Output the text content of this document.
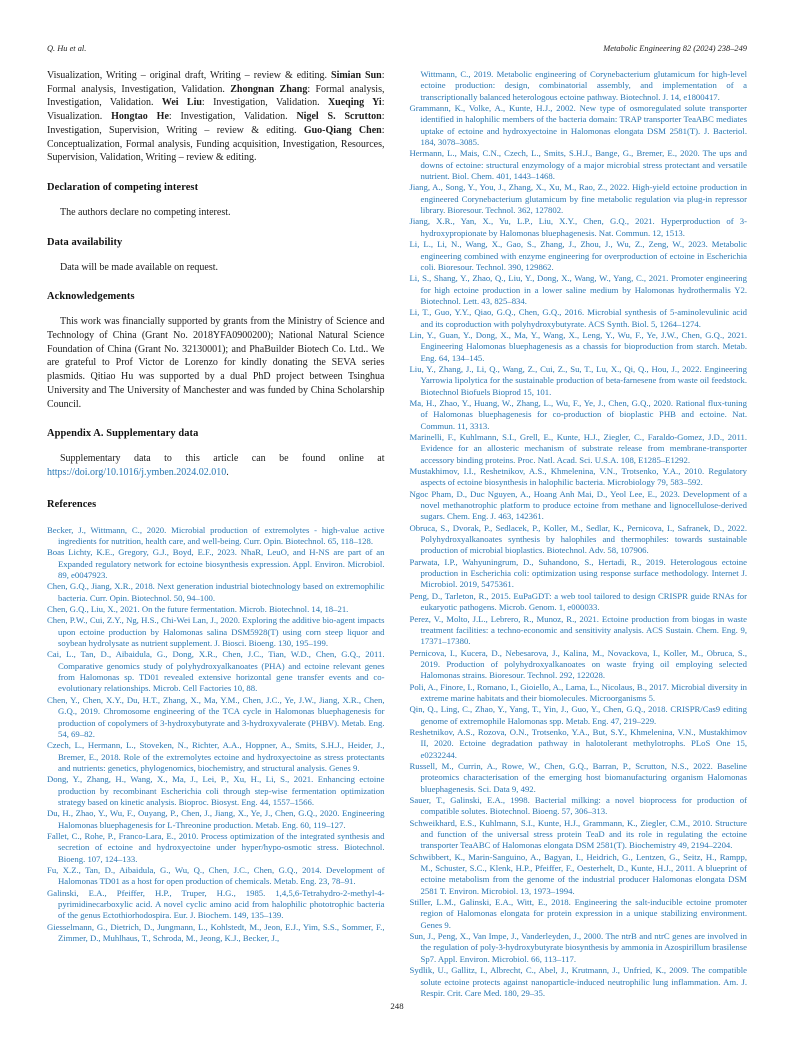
Q. Hu et al.	Metabolic Engineering 82 (2024) 238–249

Visualization, Writing – original draft, Writing – review & editing. Simian Sun: Formal analysis, Investigation, Validation. Zhongnan Zhang: Formal analysis, Investigation, Validation. Wei Liu: Investigation, Validation. Xueqing Yi: Visualization. Hongtao He: Investigation, Validation. Nigel S. Scrutton: Investigation, Supervision, Writing – review & editing. Guo-Qiang Chen: Conceptualization, Formal analysis, Funding acquisition, Investigation, Resources, Supervision, Validation, Writing – review & editing.

Declaration of competing interest

The authors declare no competing interest.

Data availability

Data will be made available on request.

Acknowledgements

This work was financially supported by grants from the Ministry of Science and Technology of China (Grant No. 2018YFA0900200); National Natural Science Foundation of China (Grant No. 32130001); and PhaBuilder Biotech Co. Ltd.. We are grateful to Prof Victor de Lorenzo for kindly donating the SEVA series plasmids. Qitiao Hu was supported by a dual PhD project between Tsinghua University and The University of Manchester and was funded by China Scholarship Council.

Appendix A. Supplementary data

Supplementary data to this article can be found online at https://doi.org/10.1016/j.ymben.2024.02.010.

References

Becker, J., Wittmann, C., 2020. Microbial production of extremolytes - high-value active ingredients for nutrition, health care, and well-being. Curr. Opin. Biotechnol. 65, 118–128.

Boas Lichty, K.E., Gregory, G.J., Boyd, E.F., 2023. NhaR, LeuO, and H-NS are part of an Expanded regulatory network for ectoine biosynthesis expression. Appl. Environ. Microbiol. 89, e0047923.

Chen, G.Q., Jiang, X.R., 2018. Next generation industrial biotechnology based on extremophilic bacteria. Curr. Opin. Biotechnol. 50, 94–100.

Chen, G.Q., Liu, X., 2021. On the future fermentation. Microb. Biotechnol. 14, 18–21.

Chen, P.W., Cui, Z.Y., Ng, H.S., Chi-Wei Lan, J., 2020. Exploring the additive bio-agent impacts upon ectoine production by Halomonas salina DSM5928(T) using corn steep liquor and soybean hydrolysate as nutrient supplement. J. Biosci. Bioeng. 130, 195–199.

Cai, L., Tan, D., Aibaidula, G., Dong, X.R., Chen, J.C., Tian, W.D., Chen, G.Q., 2011. Comparative genomics study of polyhydroxyalkanoates (PHA) and ectoine relevant genes from Halomonas sp. TD01 revealed extensive horizontal gene transfer events and co-evolutionary relationships. Microb. Cell Factories 10, 88.

Chen, Y., Chen, X.Y., Du, H.T., Zhang, X., Ma, Y.M., Chen, J.C., Ye, J.W., Jiang, X.R., Chen, G.Q., 2019. Chromosome engineering of the TCA cycle in Halomonas bluephagenesis for production of copolymers of 3-hydroxybutyrate and 3-hydroxyvalerate (PHBV). Metab. Eng. 54, 69–82.

Czech, L., Hermann, L., Stoveken, N., Richter, A.A., Hoppner, A., Smits, S.H.J., Heider, J., Bremer, E., 2018. Role of the extremolytes ectoine and hydroxyectoine as stress protectants and nutrients: genetics, phylogenomics, biochemistry, and structural analysis. Genes 9.

Dong, Y., Zhang, H., Wang, X., Ma, J., Lei, P., Xu, H., Li, S., 2021. Enhancing ectoine production by recombinant Escherichia coli through step-wise fermentation optimization strategy based on kinetic analysis. Bioproc. Biosyst. Eng. 44, 1557–1566.

Du, H., Zhao, Y., Wu, F., Ouyang, P., Chen, J., Jiang, X., Ye, J., Chen, G.Q., 2020. Engineering Halomonas bluephagenesis for L-Threonine production. Metab. Eng. 60, 119–127.

Fallet, C., Rohe, P., Franco-Lara, E., 2010. Process optimization of the integrated synthesis and secretion of ectoine and hydroxyectoine under hyper/hypo-osmotic stress. Biotechnol. Bioeng. 107, 124–133.

Fu, X.Z., Tan, D., Aibaidula, G., Wu, Q., Chen, J.C., Chen, G.Q., 2014. Development of Halomonas TD01 as a host for open production of chemicals. Metab. Eng. 23, 78–91.

Galinski, E.A., Pfeiffer, H.P., Truper, H.G., 1985. 1,4,5,6-Tetrahydro-2-methyl-4-pyrimidinecarboxylic acid. A novel cyclic amino acid from halophilic phototrophic bacteria of the genus Ectothiorhodospira. Eur. J. Biochem. 149, 135–139.

Giesselmann, G., Dietrich, D., Jungmann, L., Kohlstedt, M., Jeon, E.J., Yim, S.S., Sommer, F., Zimmer, D., Muhlhaus, T., Schroda, M., Jeong, K.J., Becker, J.,

Wittmann, C., 2019. Metabolic engineering of Corynebacterium glutamicum for high-level ectoine production: design, combinatorial assembly, and implementation of a transcriptionally balanced heterologous ectoine pathway. Biotechnol. J. 14, e1800417.

Grammann, K., Volke, A., Kunte, H.J., 2002. New type of osmoregulated solute transporter identified in halophilic members of the bacteria domain: TRAP transporter TeaABC mediates uptake of ectoine and hydroxyectoine in Halomonas elongata DSM 2581(T). J. Bacteriol. 184, 3078–3085.

Hermann, L., Mais, C.N., Czech, L., Smits, S.H.J., Bange, G., Bremer, E., 2020. The ups and downs of ectoine: structural enzymology of a major microbial stress protectant and versatile nutrient. Biol. Chem. 401, 1443–1468.

Jiang, A., Song, Y., You, J., Zhang, X., Xu, M., Rao, Z., 2022. High-yield ectoine production in engineered Corynebacterium glutamicum by fine metabolic regulation via plug-in repressor library. Bioresour. Technol. 362, 127802.

Jiang, X.R., Yan, X., Yu, L.P., Liu, X.Y., Chen, G.Q., 2021. Hyperproduction of 3-hydroxypropionate by Halomonas bluephagenesis. Nat. Commun. 12, 1513.

Li, L., Li, N., Wang, X., Gao, S., Zhang, J., Zhou, J., Wu, Z., Zeng, W., 2023. Metabolic engineering combined with enzyme engineering for overproduction of ectoine in Escherichia coli. Bioresour. Technol. 390, 129862.

Li, S., Shang, Y., Zhao, Q., Liu, Y., Dong, X., Wang, W., Yang, C., 2021. Promoter engineering for high ectoine production in a lower saline medium by Halomonas hydrothermalis Y2. Biotechnol. Lett. 43, 825–834.

Li, T., Guo, Y.Y., Qiao, G.Q., Chen, G.Q., 2016. Microbial synthesis of 5-aminolevulinic acid and its coproduction with polyhydroxybutyrate. ACS Synth. Biol. 5, 1264–1274.

Lin, Y., Guan, Y., Dong, X., Ma, Y., Wang, X., Leng, Y., Wu, F., Ye, J.W., Chen, G.Q., 2021. Engineering Halomonas bluephagenesis as a chassis for bioproduction from starch. Metab. Eng. 64, 134–145.

Liu, Y., Zhang, J., Li, Q., Wang, Z., Cui, Z., Su, T., Lu, X., Qi, Q., Hou, J., 2022. Engineering Yarrowia lipolytica for the sustainable production of beta-farnesene from waste oil feedstock. Biotechnol Biofuels Bioprod 15, 101.

Ma, H., Zhao, Y., Huang, W., Zhang, L., Wu, F., Ye, J., Chen, G.Q., 2020. Rational flux-tuning of Halomonas bluephagenesis for co-production of bioplastic PHB and ectoine. Nat. Commun. 11, 3313.

Marinelli, F., Kuhlmann, S.I., Grell, E., Kunte, H.J., Ziegler, C., Faraldo-Gomez, J.D., 2011. Evidence for an allosteric mechanism of substrate release from membrane-transporter accessory binding proteins. Proc. Natl. Acad. Sci. U.S.A. 108, E1285–E1292.

Mustakhimov, I.I., Reshetnikov, A.S., Khmelenina, V.N., Trotsenko, Y.A., 2010. Regulatory aspects of ectoine biosynthesis in halophilic bacteria. Microbiology 79, 583–592.

Ngoc Pham, D., Duc Nguyen, A., Hoang Anh Mai, D., Yeol Lee, E., 2023. Development of a novel methanotrophic platform to produce ectoine from methane and lignocellulose-derived sugars. Chem. Eng. J. 463, 142361.

Obruca, S., Dvorak, P., Sedlacek, P., Koller, M., Sedlar, K., Pernicova, I., Safranek, D., 2022. Polyhydroxyalkanoates synthesis by halophiles and thermophiles: towards sustainable production of microbial bioplastics. Biotechnol. Adv. 58, 107906.

Parwata, I.P., Wahyuningrum, D., Suhandono, S., Hertadi, R., 2019. Heterologous ectoine production in Escherichia coli: optimization using response surface methodology. Internet J. Microbiol. 2019, 5475361.

Peng, D., Tarleton, R., 2015. EuPaGDT: a web tool tailored to design CRISPR guide RNAs for eukaryotic pathogens. Microb. Genom. 1, e000033.

Perez, V., Molto, J.L., Lebrero, R., Munoz, R., 2021. Ectoine production from biogas in waste treatment facilities: a techno-economic and sensitivity analysis. ACS Sustain. Chem. Eng. 9, 17371–17380.

Pernicova, I., Kucera, D., Nebesarova, J., Kalina, M., Novackova, I., Koller, M., Obruca, S., 2019. Production of polyhydroxyalkanoates on waste frying oil employing selected Halomonas strains. Bioresour. Technol. 292, 122028.

Poli, A., Finore, I., Romano, I., Gioiello, A., Lama, L., Nicolaus, B., 2017. Microbial diversity in extreme marine habitats and their biomolecules. Microorganisms 5.

Qin, Q., Ling, C., Zhao, Y., Yang, T., Yin, J., Guo, Y., Chen, G.Q., 2018. CRISPR/Cas9 editing genome of extremophile Halomonas spp. Metab. Eng. 47, 219–229.

Reshetnikov, A.S., Rozova, O.N., Trotsenko, Y.A., But, S.Y., Khmelenina, V.N., Mustakhimov II, 2020. Ectoine degradation pathway in halotolerant methylotrophs. PLoS One 15, e0232244.

Russell, M., Currin, A., Rowe, W., Chen, G.Q., Barran, P., Scrutton, N.S., 2022. Baseline proteomics characterisation of the emerging host biomanufacturing organism Halomonas bluephagenesis. Sci. Data 9, 492.

Sauer, T., Galinski, E.A., 1998. Bacterial milking: a novel bioprocess for production of compatible solutes. Biotechnol. Bioeng. 57, 306–313.

Schweikhard, E.S., Kuhlmann, S.I., Kunte, H.J., Grammann, K., Ziegler, C.M., 2010. Structure and function of the universal stress protein TeaD and its role in regulating the ectoine transporter TeaABC of Halomonas elongata DSM 2581(T). Biochemistry 49, 2194–2204.

Schwibbert, K., Marin-Sanguino, A., Bagyan, I., Heidrich, G., Lentzen, G., Seitz, H., Rampp, M., Schuster, S.C., Klenk, H.P., Pfeiffer, F., Oesterhelt, D., Kunte, H.J., 2011. A blueprint of ectoine metabolism from the genome of the industrial producer Halomonas elongata DSM 2581 T. Environ. Microbiol. 13, 1973–1994.

Stiller, L.M., Galinski, E.A., Witt, E., 2018. Engineering the salt-inducible ectoine promoter region of Halomonas elongata for protein expression in a unique stabilizing environment. Genes 9.

Sun, J., Peng, X., Van Impe, J., Vanderleyden, J., 2000. The ntrB and ntrC genes are involved in the regulation of poly-3-hydroxybutyrate biosynthesis by ammonia in Azospirillum brasilense Sp7. Appl. Environ. Microbiol. 66, 113–117.

Sydlik, U., Gallitz, I., Albrecht, C., Abel, J., Krutmann, J., Unfried, K., 2009. The compatible solute ectoine protects against nanoparticle-induced neutrophilic lung inflammation. Am. J. Respir. Crit. Care Med. 180, 29–35.

248
